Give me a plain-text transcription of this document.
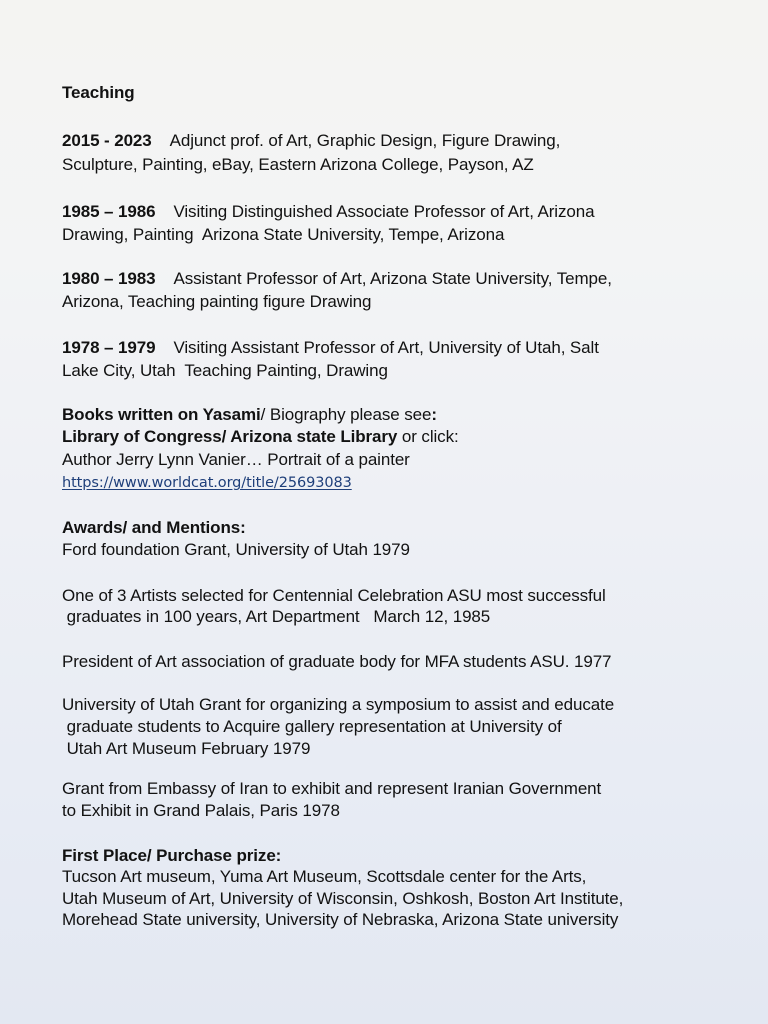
Teaching
2015 - 2023 Adjunct prof. of Art, Graphic Design, Figure Drawing,
Sculpture, Painting, eBay, Eastern Arizona College, Payson, AZ
1985 – 1986 Visiting Distinguished Associate Professor of Art, Arizona
Drawing, Painting  Arizona State University, Tempe, Arizona
1980 – 1983 Assistant Professor of Art, Arizona State University, Tempe,
Arizona, Teaching painting figure Drawing
1978 – 1979 Visiting Assistant Professor of Art, University of Utah, Salt
Lake City, Utah  Teaching Painting, Drawing
Books written on Yasami/ Biography please see:
Library of Congress/ Arizona state Library or click:
Author Jerry Lynn Vanier… Portrait of a painter
https://www.worldcat.org/title/25693083
Awards/ and Mentions:
Ford foundation Grant, University of Utah 1979
One of 3 Artists selected for Centennial Celebration ASU most successful
graduates in 100 years, Art Department   March 12, 1985
President of Art association of graduate body for MFA students ASU. 1977
University of Utah Grant for organizing a symposium to assist and educate
graduate students to Acquire gallery representation at University of
Utah Art Museum February 1979
Grant from Embassy of Iran to exhibit and represent Iranian Government
to Exhibit in Grand Palais, Paris 1978
First Place/ Purchase prize:
Tucson Art museum, Yuma Art Museum, Scottsdale center for the Arts,
Utah Museum of Art, University of Wisconsin, Oshkosh, Boston Art Institute,
Morehead State university, University of Nebraska, Arizona State university
